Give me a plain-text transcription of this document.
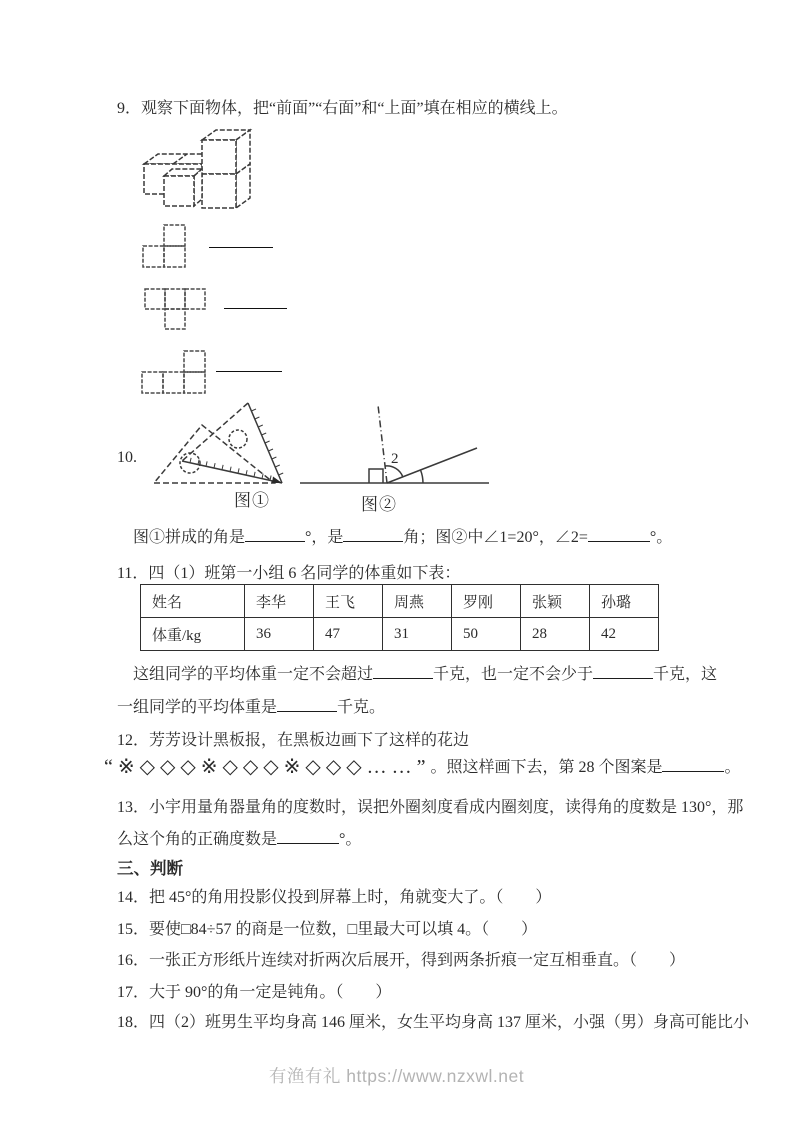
9．观察下面物体，把“前面”“右面”和“上面”填在相应的横线上。
10.
图①
2
图②
图①拼成的角是	°，是	角；图②中∠1=20°，∠2=	°。
11．四（1）班第一小组 6 名同学的体重如下表：
姓名	李华	王飞	周燕	罗刚	张颖	孙璐
体重/kg	36	47	31	50	28	42
这组同学的平均体重一定不会超过	千克，也一定不会少于	千克，这
一组同学的平均体重是	千克。
12．芳芳设计黑板报，在黑板边画下了这样的花边
“※◇◇◇※◇◇◇※◇◇◇……”。照这样画下去，第 28 个图案是	。
13．小宇用量角器量角的度数时，误把外圈刻度看成内圈刻度，读得角的度数是 130°，那
么这个角的正确度数是	°。
三、判断
14．把 45°的角用投影仪投到屏幕上时，角就变大了。（　　）
15．要使□84÷57 的商是一位数，□里最大可以填 4。（　　）
16．一张正方形纸片连续对折两次后展开，得到两条折痕一定互相垂直。（　　）
17．大于 90°的角一定是钝角。（　　）
18．四（2）班男生平均身高 146 厘米，女生平均身高 137 厘米，小强（男）身高可能比小
有渔有礼 https://www.nzxwl.net
